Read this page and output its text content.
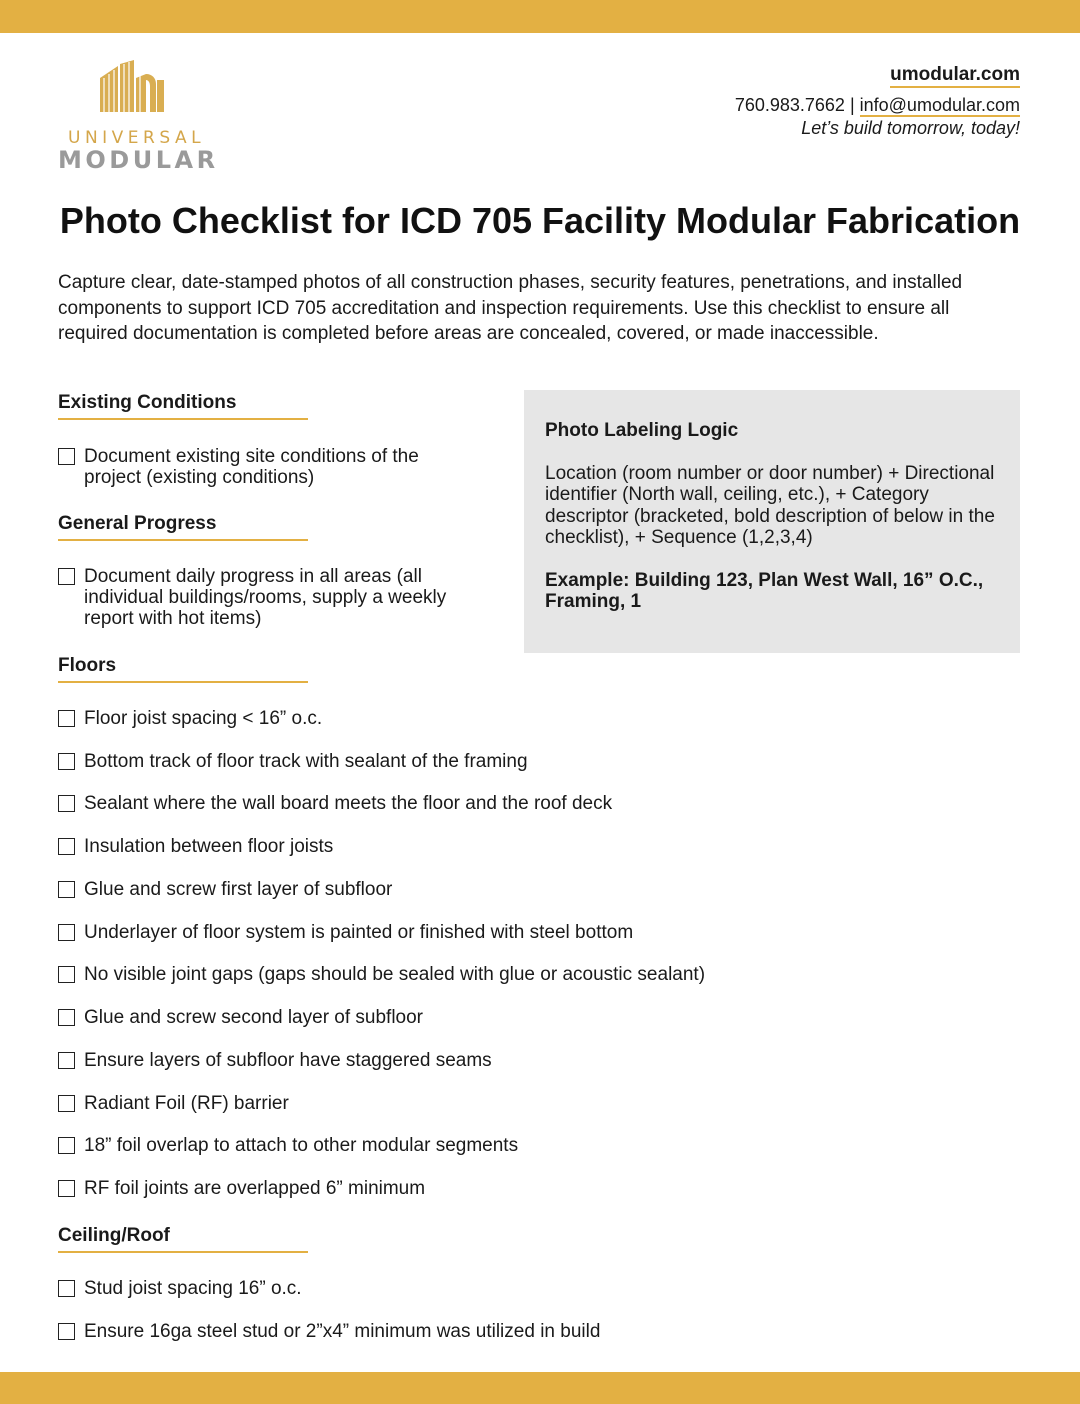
UNIVERSAL
MODULAR
umodular.com
760.983.7662 | info@umodular.com
Let’s build tomorrow, today!
Photo Checklist for ICD 705 Facility Modular Fabrication
Capture clear, date-stamped photos of all construction phases, security features, penetrations, and installed components to support ICD 705 accreditation and inspection requirements. Use this checklist to ensure all required documentation is completed before areas are concealed, covered, or made inaccessible.
Existing Conditions
Document existing site conditions of the project (existing conditions)
General Progress
Document daily progress in all areas (all individual buildings/rooms, supply a weekly report with hot items)
Photo Labeling Logic
Location (room number or door number) + Directional identifier (North wall, ceiling, etc.), + Category descriptor (bracketed, bold description of below in the checklist), + Sequence (1,2,3,4)
Example: Building 123, Plan West Wall, 16” O.C., Framing, 1
Floors
Floor joist spacing < 16” o.c.
Bottom track of floor track with sealant of the framing
Sealant where the wall board meets the floor and the roof deck
Insulation between floor joists
Glue and screw first layer of subfloor
Underlayer of floor system is painted or finished with steel bottom
No visible joint gaps (gaps should be sealed with glue or acoustic sealant)
Glue and screw second layer of subfloor
Ensure layers of subfloor have staggered seams
Radiant Foil (RF) barrier
18” foil overlap to attach to other modular segments
RF foil joints are overlapped 6” minimum
Ceiling/Roof
Stud joist spacing 16” o.c.
Ensure 16ga steel stud or 2”x4” minimum was utilized in build
